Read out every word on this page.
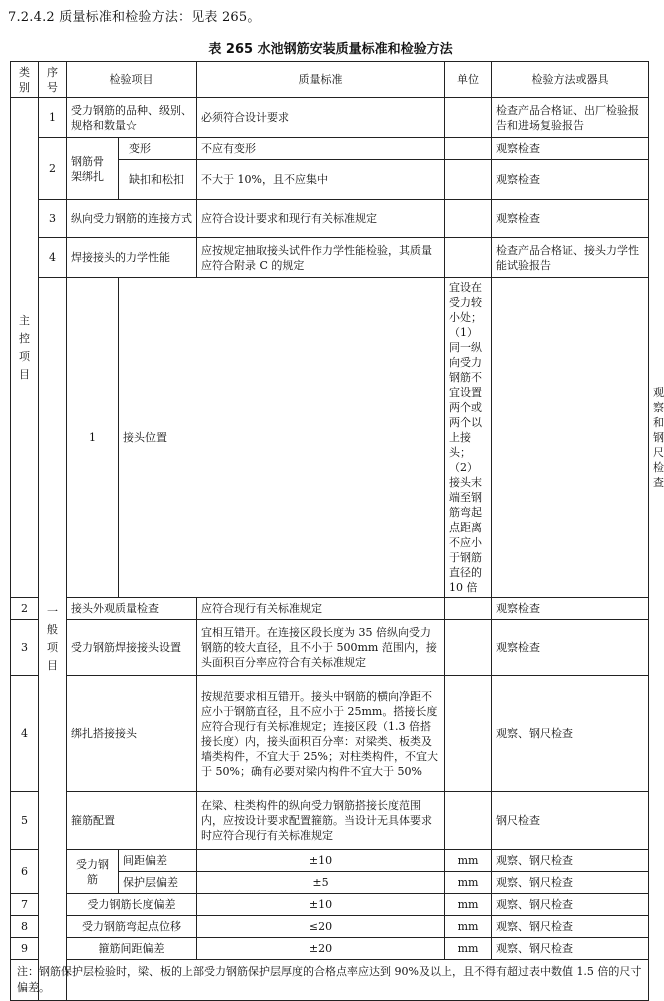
7.2.4.2 质量标准和检验方法：见表 265。
表 265 水池钢筋安装质量标准和检验方法
类别	序号	检验项目		质量标准	单位	检验方法或器具	
主控项目	1	受力钢筋的品种、级别、规格和数量☆		必须符合设计要求		检查产品合格证、出厂检验报告和进场复验报告	
	2	钢筋骨架绑扎	变形	不应有变形		观察检查	
			缺扣和松扣	不大于 10%，且不应集中		观察检查	
	3	纵向受力钢筋的连接方式		应符合设计要求和现行有关标准规定		观察检查	
	4	焊接接头的力学性能		应按规定抽取接头试件作力学性能检验，其质量应符合附录 C 的规定		检查产品合格证、接头力学性能试验报告	
	一般项目	1	接头位置		宜设在受力较小处；
（1）同一纵向受力钢筋不宜设置两个或两个以上接头；
（2）接头末端至钢筋弯起点距离不应小于钢筋直径的 10 倍		观察和钢尺检查
2		接头外观质量检查		应符合现行有关标准规定		观察检查	
3		受力钢筋焊接接头设置		宜相互错开。在连接区段长度为 35 倍纵向受力钢筋的较大直径，且不小于 500mm 范围内，接头面积百分率应符合有关标准规定		观察检查	
4		绑扎搭接接头		按规范要求相互错开。接头中钢筋的横向净距不应小于钢筋直径，且不应小于 25mm。搭接长度应符合现行有关标准规定；连接区段（1.3 倍搭接长度）内，接头面积百分率：对梁类、板类及墙类构件，不宜大于 25%；对柱类构件，不宜大于 50%；确有必要对梁内构件不宜大于 50%		观察、钢尺检查	
5		箍筋配置		在梁、柱类构件的纵向受力钢筋搭接长度范围内，应按设计要求配置箍筋。当设计无具体要求时应符合现行有关标准规定		钢尺检查	
6		受力钢筋	间距偏差	±10	mm	观察、钢尺检查	
			保护层偏差	±5	mm	观察、钢尺检查	
7		受力钢筋长度偏差		±10	mm	观察、钢尺检查	
8		受力钢筋弯起点位移		≤20	mm	观察、钢尺检查	
9		箍筋间距偏差		±20	mm	观察、钢尺检查	
注：钢筋保护层检验时，梁、板的上部受力钢筋保护层厚度的合格点率应达到 90%及以上，且不得有超过表中数值 1.5 倍的尺寸偏差。							
